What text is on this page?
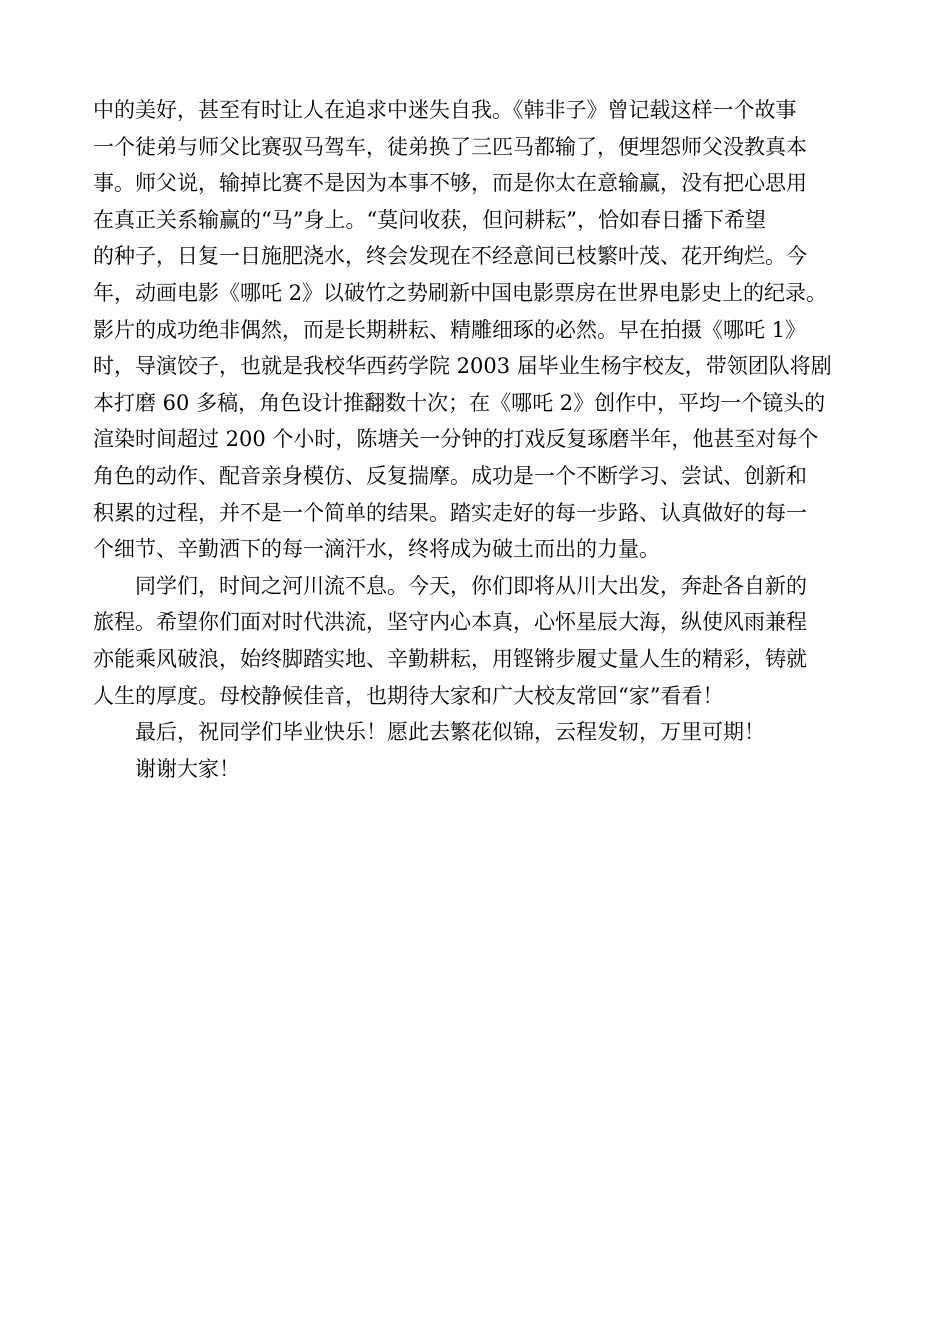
中的美好，甚至有时让人在追求中迷失自我。《韩非子》曾记载这样一个故事
一个徒弟与师父比赛驭马驾车，徒弟换了三匹马都输了，便埋怨师父没教真本
事。师父说，输掉比赛不是因为本事不够，而是你太在意输赢，没有把心思用
在真正关系输赢的“马”身上。“莫问收获，但问耕耘”，恰如春日播下希望
的种子，日复一日施肥浇水，终会发现在不经意间已枝繁叶茂、花开绚烂。今
年，动画电影《哪吒 2》以破竹之势刷新中国电影票房在世界电影史上的纪录。
影片的成功绝非偶然，而是长期耕耘、精雕细琢的必然。早在拍摄《哪吒 1》
时，导演饺子，也就是我校华西药学院 2003 届毕业生杨宇校友，带领团队将剧
本打磨 60 多稿，角色设计推翻数十次；在《哪吒 2》创作中，平均一个镜头的
渲染时间超过 200 个小时，陈塘关一分钟的打戏反复琢磨半年，他甚至对每个
角色的动作、配音亲身模仿、反复揣摩。成功是一个不断学习、尝试、创新和
积累的过程，并不是一个简单的结果。踏实走好的每一步路、认真做好的每一
个细节、辛勤洒下的每一滴汗水，终将成为破土而出的力量。
同学们，时间之河川流不息。今天，你们即将从川大出发，奔赴各自新的
旅程。希望你们面对时代洪流，坚守内心本真，心怀星辰大海，纵使风雨兼程
亦能乘风破浪，始终脚踏实地、辛勤耕耘，用铿锵步履丈量人生的精彩，铸就
人生的厚度。母校静候佳音，也期待大家和广大校友常回“家”看看！
最后，祝同学们毕业快乐！愿此去繁花似锦，云程发轫，万里可期！
谢谢大家！
